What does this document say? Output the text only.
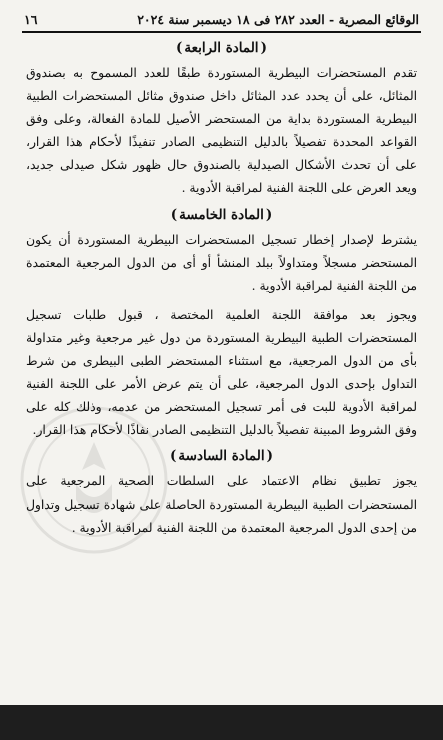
١٦	الوقائع المصرية - العدد ٢٨٢ فى ١٨ ديسمبر سنة ٢٠٢٤
( المادة الرابعة )

تقدم المستحضرات البيطرية المستوردة طبقًا للعدد المسموح به بصندوق المثائل، على أن يحدد عدد المثائل داخل صندوق مثائل المستحضرات الطبية البيطرية المستوردة بداية من المستحضر الأصيل للمادة الفعالة، وعلى وفق القواعد المحددة تفصيلاً بالدليل التنظيمى الصادر تنفيذًا لأحكام هذا القرار، على أن تحدث الأشكال الصيدلية بالصندوق حال ظهور شكل صيدلى جديد، ويعد العرض على اللجنة الفنية لمراقبة الأدوية .

( المادة الخامسة )

يشترط لإصدار إخطار تسجيل المستحضرات البيطرية المستوردة أن يكون المستحضر مسجلاً ومتداولاً ببلد المنشأ أو أى من الدول المرجعية المعتمدة من اللجنة الفنية لمراقبة الأدوية .

ويجوز بعد موافقة اللجنة العلمية المختصة ، قبول طلبات تسجيل المستحضرات الطبية البيطرية المستوردة من دول غير مرجعية وغير متداولة بأى من الدول المرجعية، مع استثناء المستحضر الطبى البيطرى من شرط التداول بإحدى الدول المرجعية، على أن يتم عرض الأمر على اللجنة الفنية لمراقبة الأدوية للبت فى أمر تسجيل المستحضر من عدمه، وذلك كله على وفق الشروط المبينة تفصيلاً بالدليل التنظيمى الصادر نفاذًا لأحكام هذا القرار.

( المادة السادسة )

يجوز تطبيق نظام الاعتماد على السلطات الصحية المرجعية على المستحضرات الطبية البيطرية المستوردة الحاصلة على شهادة تسجيل وتداول من إحدى الدول المرجعية المعتمدة من اللجنة الفنية لمراقبة الأدوية .
